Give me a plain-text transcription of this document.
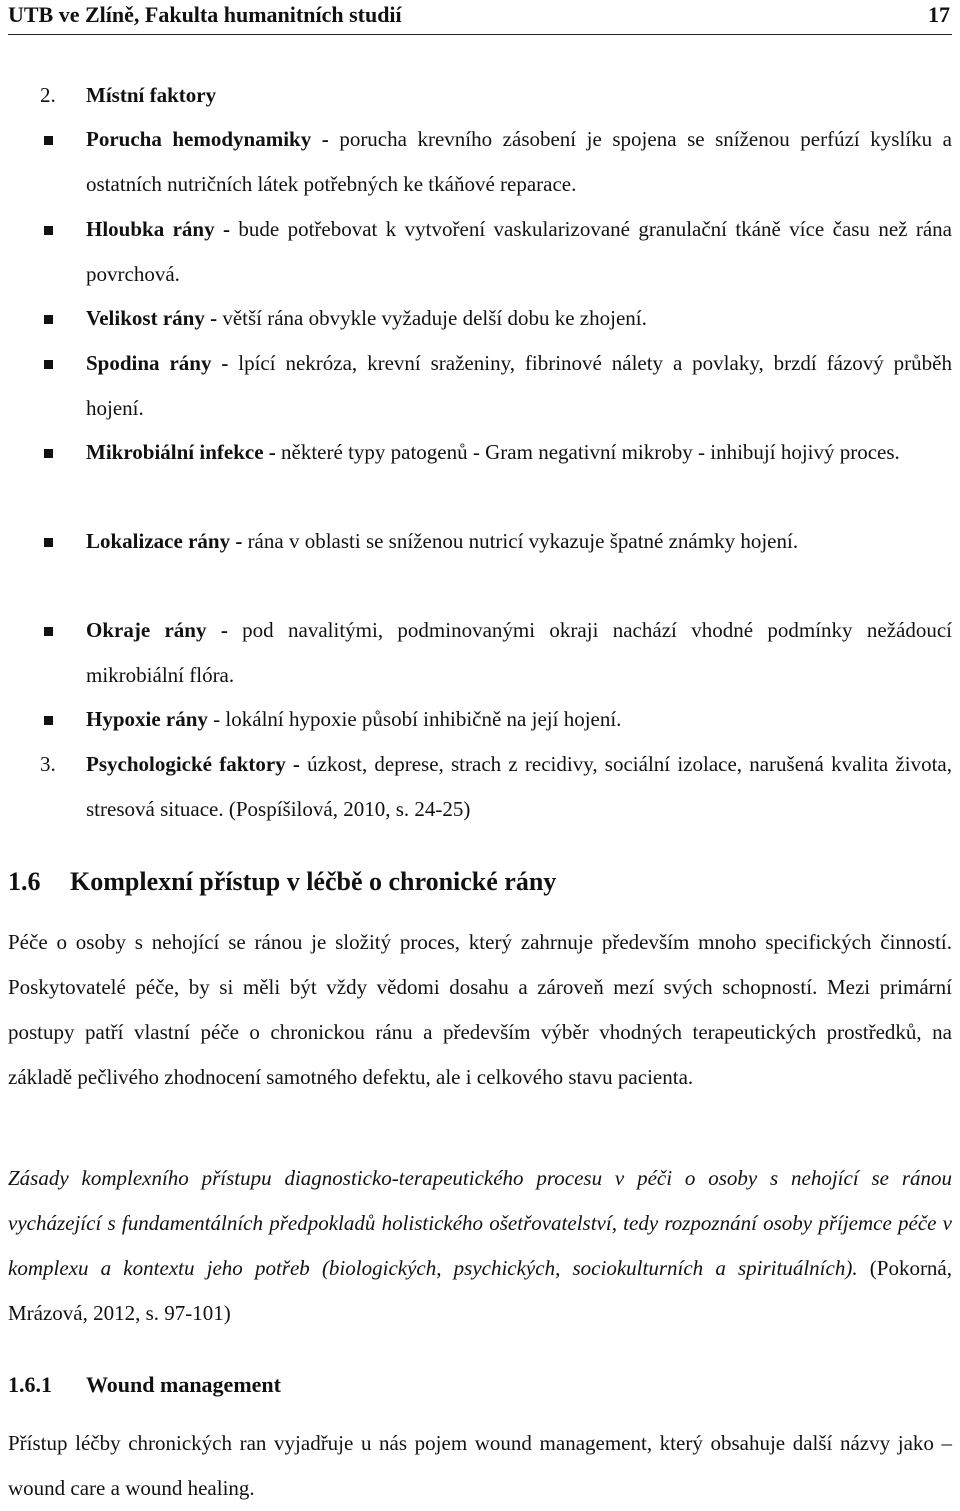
UTB ve Zlíně, Fakulta humanitních studií	17
2. Místní faktory
Porucha hemodynamiky - porucha krevního zásobení je spojena se sníženou perfúzí kyslíku a ostatních nutričních látek potřebných ke tkáňové reparace.
Hloubka rány - bude potřebovat k vytvoření vaskularizované granulační tkáně více času než rána povrchová.
Velikost rány - větší rána obvykle vyžaduje delší dobu ke zhojení.
Spodina rány - lpící nekróza, krevní sraženiny, fibrinové nálety a povlaky, brzdí fázový průběh hojení.
Mikrobiální infekce - některé typy patogenů - Gram negativní mikroby - inhibují hojivý proces.
Lokalizace rány - rána v oblasti se sníženou nutricí vykazuje špatné známky hojení.
Okraje rány - pod navalitými, podminovanými okraji nachází vhodné podmínky nežádoucí mikrobiální flóra.
Hypoxie rány - lokální hypoxie působí inhibičně na její hojení.
3. Psychologické faktory - úzkost, deprese, strach z recidivy, sociální izolace, narušená kvalita života, stresová situace. (Pospíšilová, 2010, s. 24-25)
1.6 Komplexní přístup v léčbě o chronické rány
Péče o osoby s nehojící se ránou je složitý proces, který zahrnuje především mnoho specifických činností. Poskytovatelé péče, by si měli být vždy vědomi dosahu a zároveň mezí svých schopností. Mezi primární postupy patří vlastní péče o chronickou ránu a především výběr vhodných terapeutických prostředků, na základě pečlivého zhodnocení samotného defektu, ale i celkového stavu pacienta.
Zásady komplexního přístupu diagnosticko-terapeutického procesu v péči o osoby s nehojící se ránou vycházející s fundamentálních předpokladů holistického ošetřovatelství, tedy rozpoznání osoby příjemce péče v komplexu a kontextu jeho potřeb (biologických, psychických, sociokulturních a spirituálních). (Pokorná, Mrázová, 2012, s. 97-101)
1.6.1 Wound management
Přístup léčby chronických ran vyjadřuje u nás pojem wound management, který obsahuje další názvy jako – wound care a wound healing.
